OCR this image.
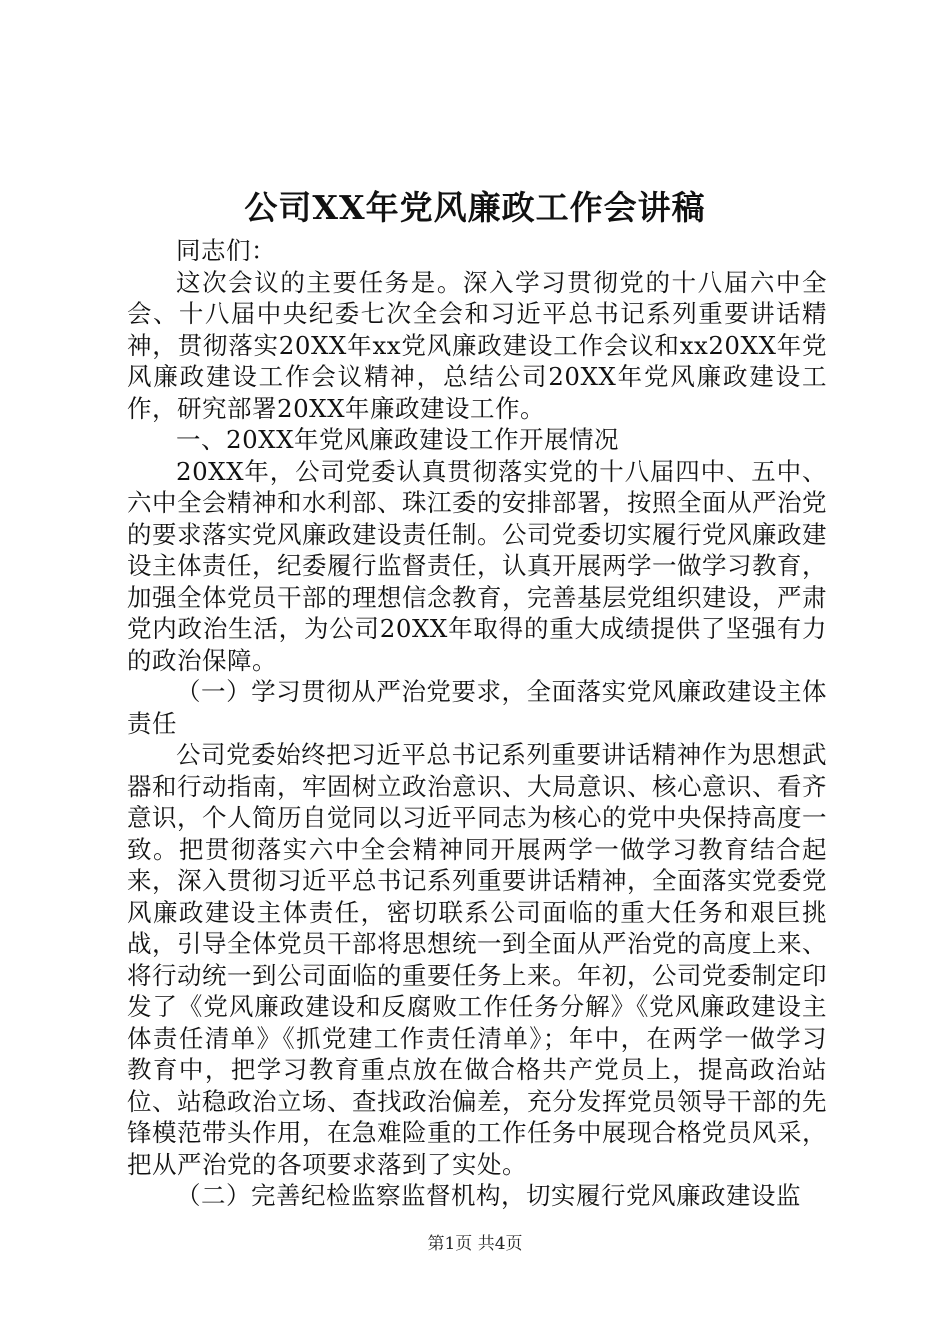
公司XX年党风廉政工作会讲稿

同志们：

这次会议的主要任务是。深入学习贯彻党的十八届六中全会、十八届中央纪委七次全会和习近平总书记系列重要讲话精神，贯彻落实20XX年xx党风廉政建设工作会议和xx20XX年党风廉政建设工作会议精神，总结公司20XX年党风廉政建设工作，研究部署20XX年廉政建设工作。

一、20XX年党风廉政建设工作开展情况

20XX年，公司党委认真贯彻落实党的十八届四中、五中、六中全会精神和水利部、珠江委的安排部署，按照全面从严治党的要求落实党风廉政建设责任制。公司党委切实履行党风廉政建设主体责任，纪委履行监督责任，认真开展两学一做学习教育，加强全体党员干部的理想信念教育，完善基层党组织建设，严肃党内政治生活，为公司20XX年取得的重大成绩提供了坚强有力的政治保障。

（一）学习贯彻从严治党要求，全面落实党风廉政建设主体责任

公司党委始终把习近平总书记系列重要讲话精神作为思想武器和行动指南，牢固树立政治意识、大局意识、核心意识、看齐意识，个人简历自觉同以习近平同志为核心的党中央保持高度一致。把贯彻落实六中全会精神同开展两学一做学习教育结合起来，深入贯彻习近平总书记系列重要讲话精神，全面落实党委党风廉政建设主体责任，密切联系公司面临的重大任务和艰巨挑战，引导全体党员干部将思想统一到全面从严治党的高度上来、将行动统一到公司面临的重要任务上来。年初，公司党委制定印发了《党风廉政建设和反腐败工作任务分解》《党风廉政建设主体责任清单》《抓党建工作责任清单》；年中，在两学一做学习教育中，把学习教育重点放在做合格共产党员上，提高政治站位、站稳政治立场、查找政治偏差，充分发挥党员领导干部的先锋模范带头作用，在急难险重的工作任务中展现合格党员风采，把从严治党的各项要求落到了实处。

（二）完善纪检监察监督机构，切实履行党风廉政建设监

第1页 共4页
